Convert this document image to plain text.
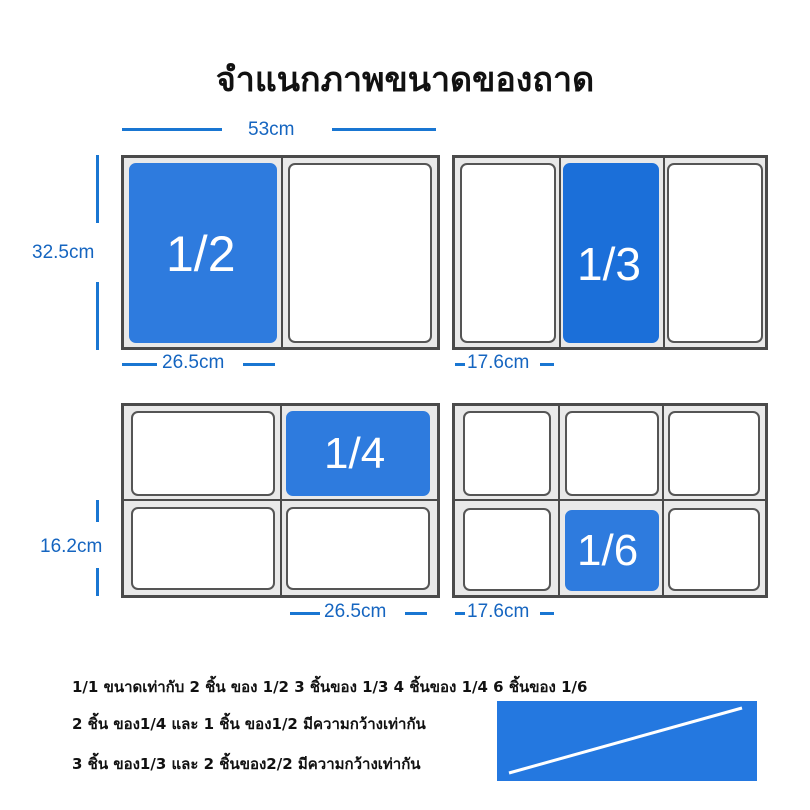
จำแนกภาพขนาดของถาด
53cm
32.5cm 1/2
26.5cm
1/3
17.6cm
1/4
16.2cm
26.5cm
1/6
17.6cm
1/1 ขนาดเท่ากับ 2 ชิ้น ของ 1/2 3 ชิ้นของ 1/3 4 ชิ้นของ 1/4 6 ชิ้นของ 1/6
2 ชิ้น ของ1/4 และ 1 ชิ้น ของ1/2 มีความกว้างเท่ากัน
3 ชิ้น ของ1/3 และ 2 ชิ้นของ2/2 มีความกว้างเท่ากัน
